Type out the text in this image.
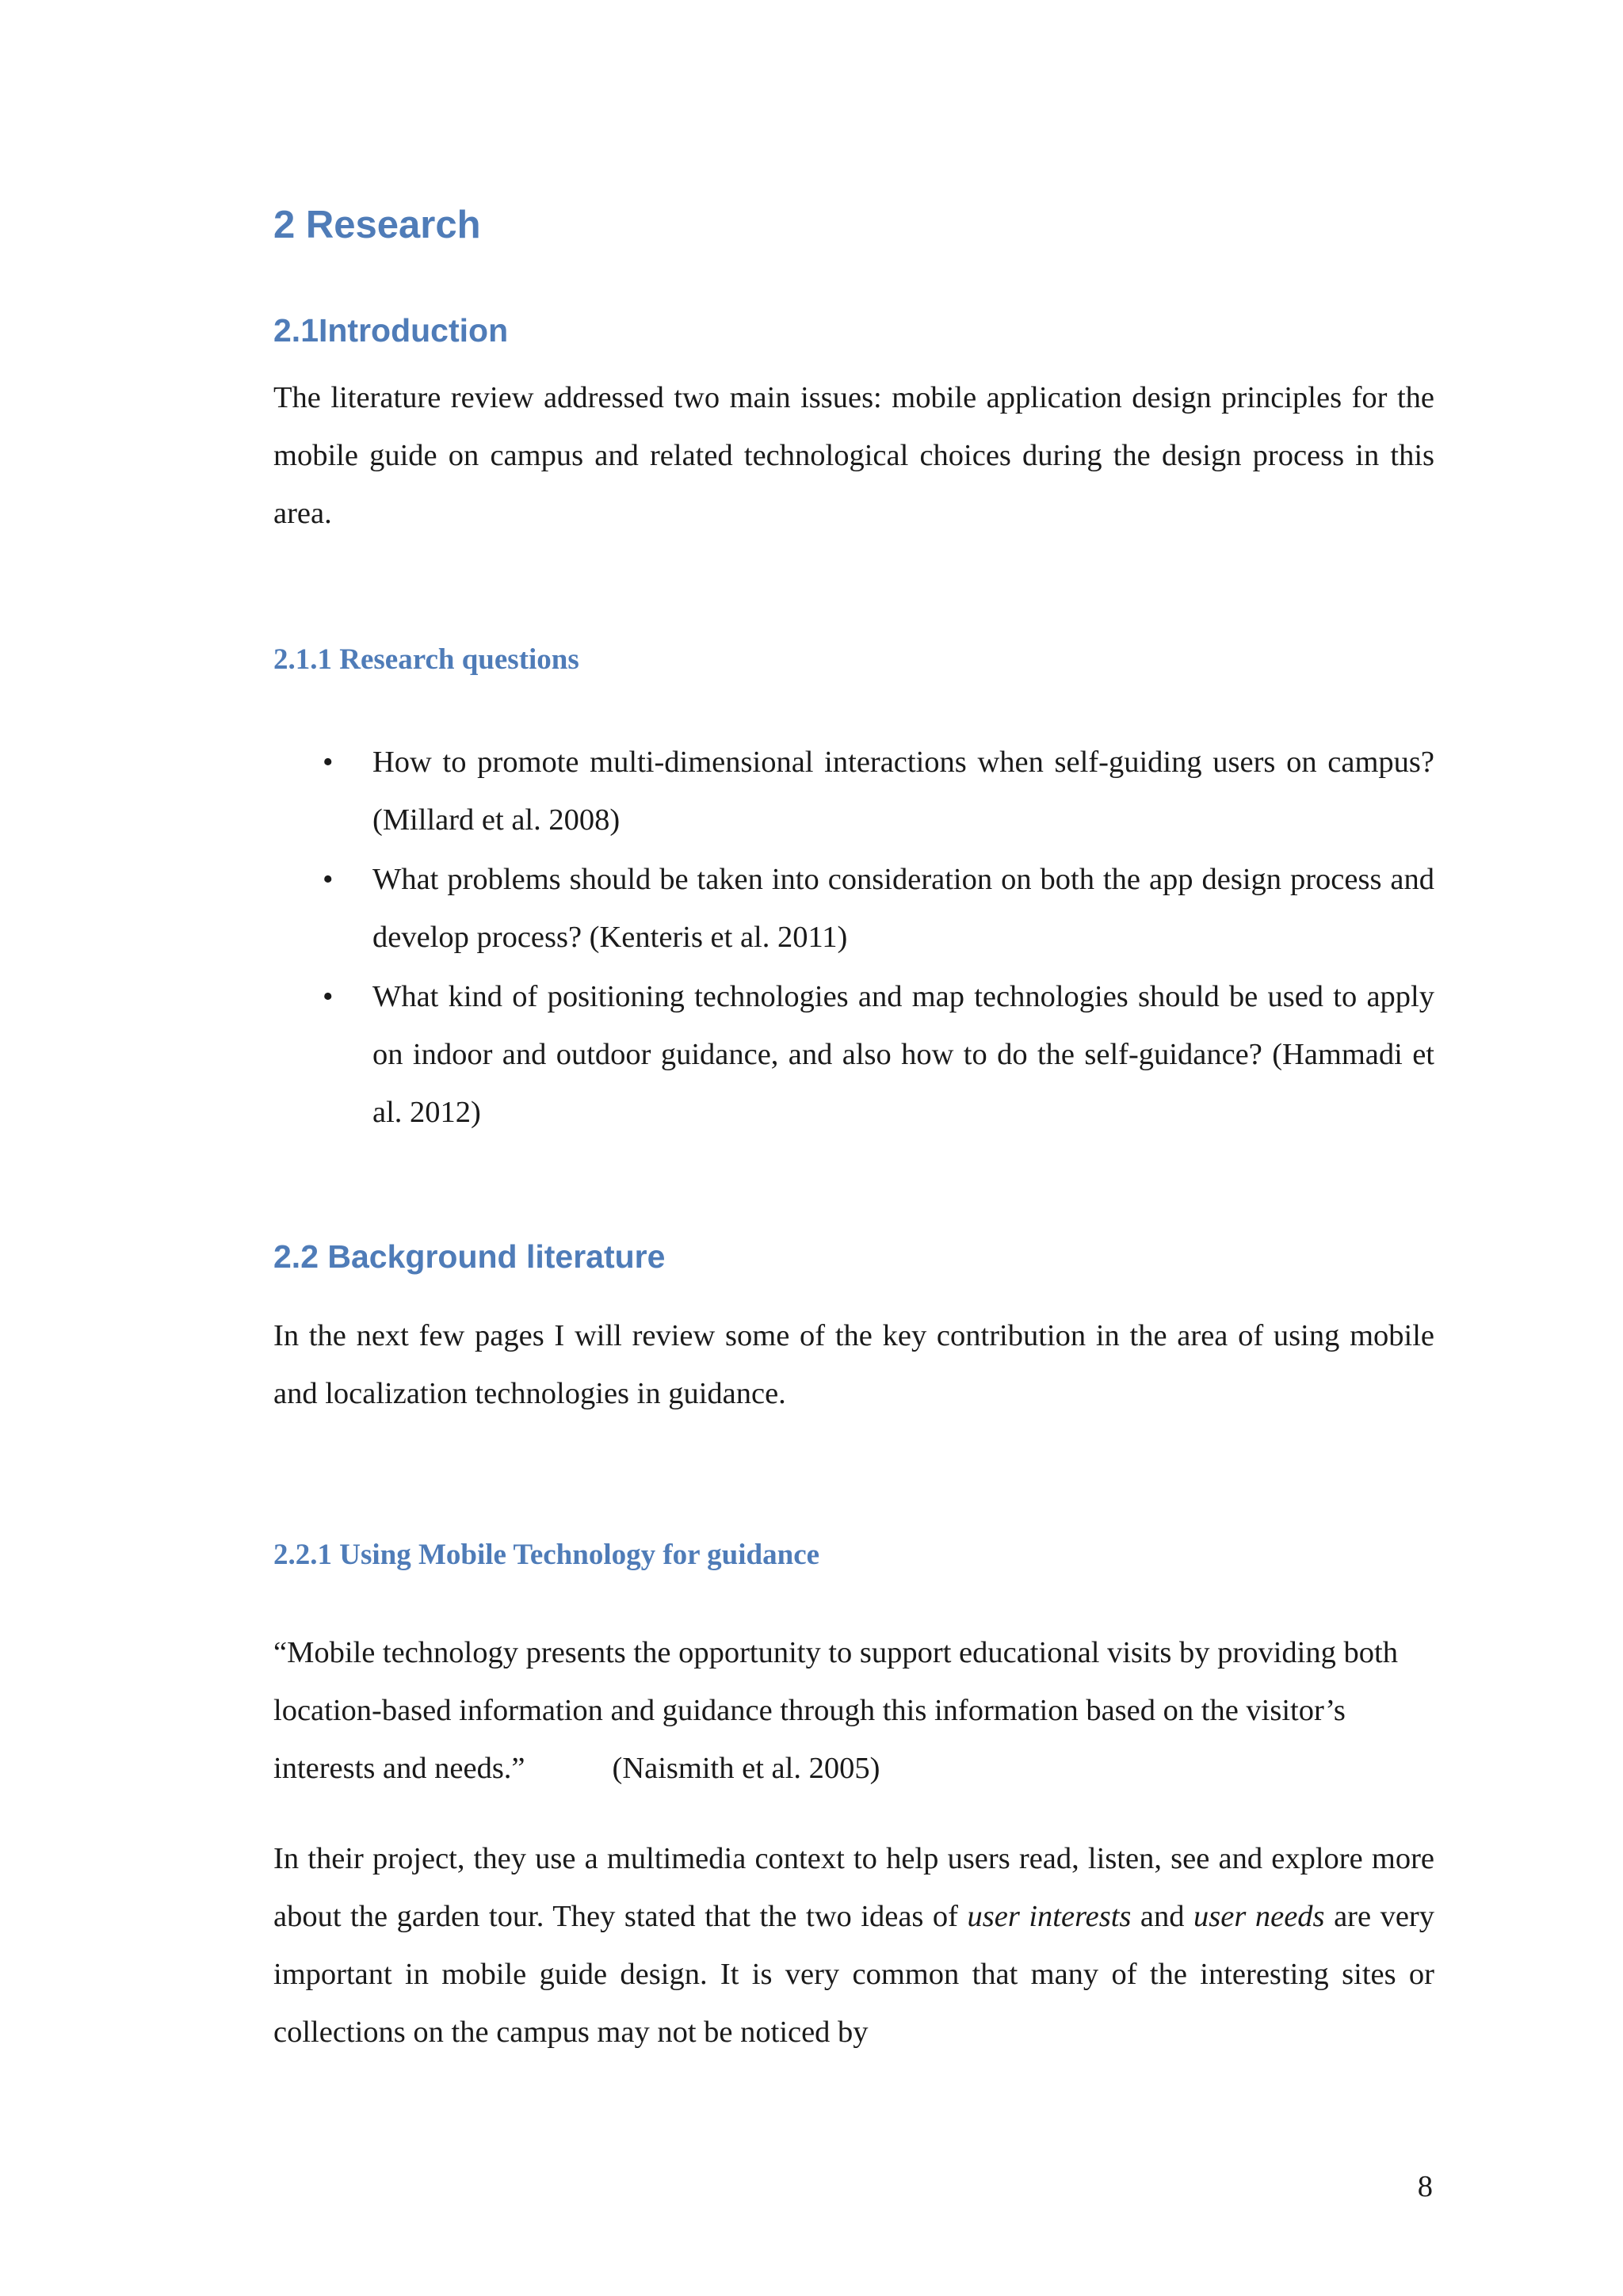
2 Research
2.1Introduction

The literature review addressed two main issues: mobile application design principles for the mobile guide on campus and related technological choices during the design process in this area.

2.1.1 Research questions
• How to promote multi-dimensional interactions when self-guiding users on campus? (Millard et al. 2008)
• What problems should be taken into consideration on both the app design process and develop process? (Kenteris et al. 2011)
• What kind of positioning technologies and map technologies should be used to apply on indoor and outdoor guidance, and also how to do the self-guidance? (Hammadi et al. 2012)
2.2 Background literature

In the next few pages I will review some of the key contribution in the area of using mobile and localization technologies in guidance.

2.2.1 Using Mobile Technology for guidance

“Mobile technology presents the opportunity to support educational visits by providing both location-based information and guidance through this information based on the visitor’s interests and needs.”	(Naismith et al. 2005)

In their project, they use a multimedia context to help users read, listen, see and explore more about the garden tour. They stated that the two ideas of user interests and user needs are very important in mobile guide design. It is very common that many of the interesting sites or collections on the campus may not be noticed by

8
